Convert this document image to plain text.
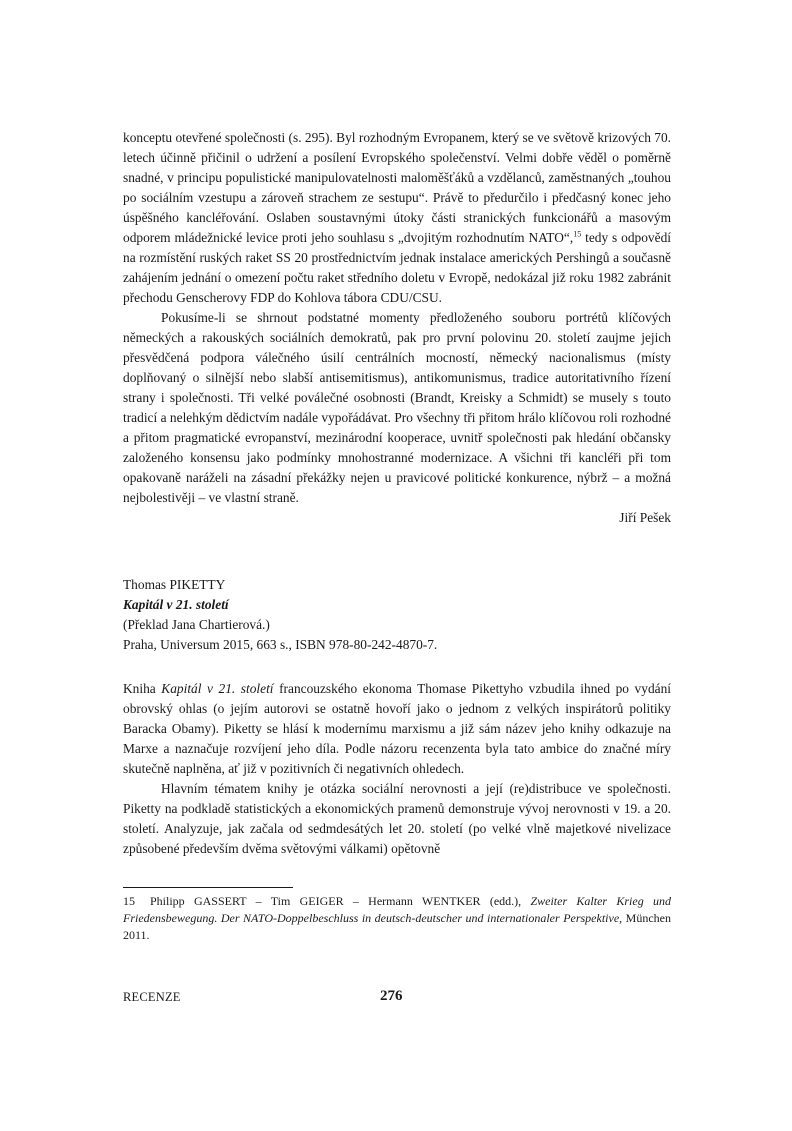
konceptu otevřené společnosti (s. 295). Byl rozhodným Evropanem, který se ve světově krizových 70. letech účinně přičinil o udržení a posílení Evropského společenství. Velmi dobře věděl o poměrně snadné, v principu populistické manipulovatelnosti maloměšťáků a vzdělanců, zaměstnaných „touhou po sociálním vzestupu a zároveň strachem ze sestupu“. Právě to předurčilo i předčasný konec jeho úspěšného kancléřování. Oslaben soustavnými útoky části stranických funkcionářů a masovým odporem mládežnické levice proti jeho souhlasu s „dvojitým rozhodnutím NATO“,$^{15}$ tedy s odpovědí na rozmístění ruských raket SS 20 prostřednictvím jednak instalace amerických Pershingů a současně zahájením jednání o omezení počtu raket středního doletu v Evropě, nedokázal již roku 1982 zabránit přechodu Genscherovy FDP do Kohlova tábora CDU/CSU.

Pokusíme-li se shrnout podstatné momenty předloženého souboru portrétů klíčových německých a rakouských sociálních demokratů, pak pro první polovinu 20. století zaujme jejich přesvědčená podpora válečného úsilí centrálních mocností, německý nacionalismus (místy doplňovaný o silnější nebo slabší antisemitismus), antikomunismus, tradice autoritativního řízení strany i společnosti. Tři velké poválečné osobnosti (Brandt, Kreisky a Schmidt) se musely s touto tradicí a nelehkým dědictvím nadále vypořádávat. Pro všechny tři přitom hrálo klíčovou roli rozhodné a přitom pragmatické evropanství, mezinárodní kooperace, uvnitř společnosti pak hledání občansky založeného konsensu jako podmínky mnohostranné modernizace. A všichni tři kancléři při tom opakovaně naráželi na zásadní překážky nejen u pravicové politické konkurence, nýbrž – a možná nejbolestivěji – ve vlastní straně.

Jiří Pešek

Thomas PIKETTY
Kapitál v 21. století
(Překlad Jana Chartierová.)
Praha, Universum 2015, 663 s., ISBN 978-80-242-4870-7.

Kniha Kapitál v 21. století francouzského ekonoma Thomase Pikettyho vzbudila ihned po vydání obrovský ohlas (o jejím autorovi se ostatně hovoří jako o jednom z velkých inspirátorů politiky Baracka Obamy). Piketty se hlásí k modernímu marxismu a již sám název jeho knihy odkazuje na Marxe a naznačuje rozvíjení jeho díla. Podle názoru recenzenta byla tato ambice do značné míry skutečně naplněna, ať již v pozitivních či negativních ohledech.

Hlavním tématem knihy je otázka sociální nerovnosti a její (re)distribuce ve společnosti. Piketty na podkladě statistických a ekonomických pramenů demonstruje vývoj nerovnosti v 19. a 20. století. Analyzuje, jak začala od sedmdesátých let 20. století (po velké vlně majetkové nivelizace způsobené především dvěma světovými válkami) opětovně

15 Philipp GASSERT – Tim GEIGER – Hermann WENTKER (edd.), Zweiter Kalter Krieg und Friedensbewegung. Der NATO-Doppelbeschluss in deutsch-deutscher und internationaler Perspektive, München 2011.
RECENZE	276
